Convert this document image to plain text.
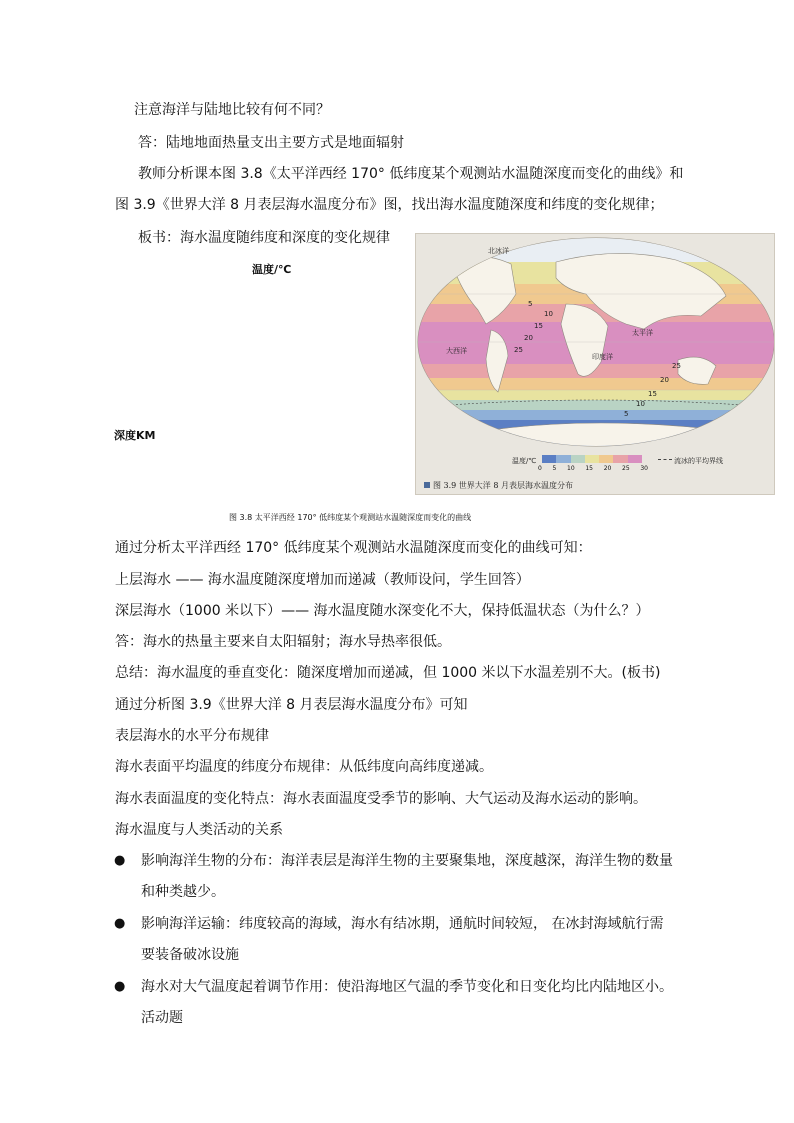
注意海洋与陆地比较有何不同？
答：陆地地面热量支出主要方式是地面辐射
教师分析课本图 3.8《太平洋西经 170° 低纬度某个观测站水温随深度而变化的曲线》和
图 3.9《世界大洋 8 月表层海水温度分布》图，找出海水温度随深度和纬度的变化规律；
板书：海水温度随纬度和深度的变化规律
温度/℃
深度KM
图 3.8 太平洋西经 170° 低纬度某个观测站水温随深度而变化的曲线
北冰洋
太平洋
印度洋
大西洋
5
10
15
20
25
25
20
15
10
5
温度/℃
0 5 10 15 20 25 30
流冰的平均界线
图 3.9 世界大洋 8 月表层海水温度分布
通过分析太平洋西经 170° 低纬度某个观测站水温随深度而变化的曲线可知：
上层海水 —— 海水温度随深度增加而递减（教师设问，学生回答）
深层海水（1000 米以下）—— 海水温度随水深变化不大，保持低温状态（为什么？）
答：海水的热量主要来自太阳辐射；海水导热率很低。
总结：海水温度的垂直变化：随深度增加而递减，但 1000 米以下水温差别不大。(板书)
通过分析图 3.9《世界大洋 8 月表层海水温度分布》可知
表层海水的水平分布规律
海水表面平均温度的纬度分布规律：从低纬度向高纬度递减。
海水表面温度的变化特点：海水表面温度受季节的影响、大气运动及海水运动的影响。
海水温度与人类活动的关系
● 影响海洋生物的分布：海洋表层是海洋生物的主要聚集地，深度越深，海洋生物的数量
和种类越少。
● 影响海洋运输：纬度较高的海域，海水有结冰期，通航时间较短， 在冰封海域航行需
要装备破冰设施
● 海水对大气温度起着调节作用：使沿海地区气温的季节变化和日变化均比内陆地区小。
活动题
